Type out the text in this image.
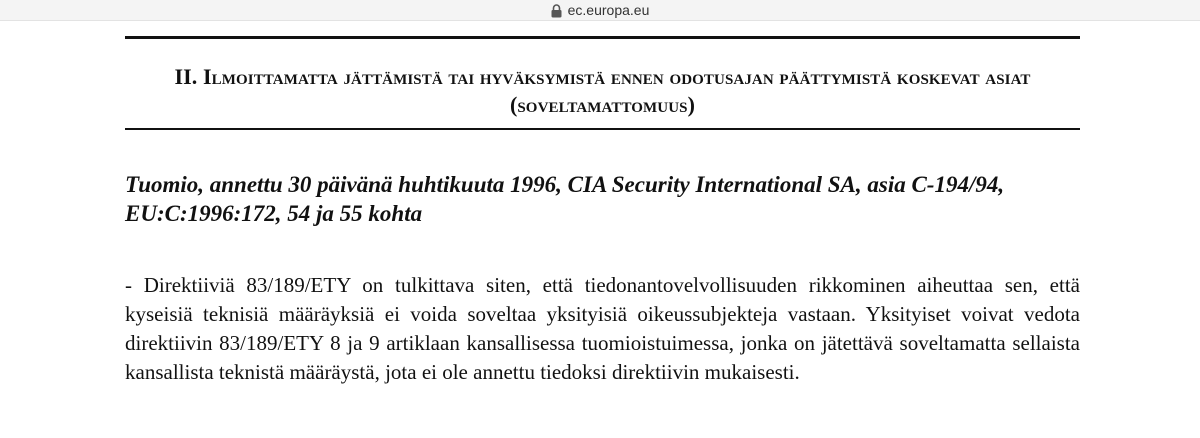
ec.europa.eu
II. Ilmoittamatta jättämistä tai hyväksymistä ennen odotusajan päättymistä koskevat asiat (soveltamattomuus)
Tuomio, annettu 30 päivänä huhtikuuta 1996, CIA Security International SA, asia C-194/94, EU:C:1996:172, 54 ja 55 kohta
- Direktiiviä 83/189/ETY on tulkittava siten, että tiedonantovelvollisuuden rikkominen aiheuttaa sen, että kyseisiä teknisiä määräyksiä ei voida soveltaa yksityisiä oikeussubjekteja vastaan. Yksityiset voivat vedota direktiivin 83/189/ETY 8 ja 9 artiklaan kansallisessa tuomioistuimessa, jonka on jätettävä soveltamatta sellaista kansallista teknistä määräystä, jota ei ole annettu tiedoksi direktiivin mukaisesti.
